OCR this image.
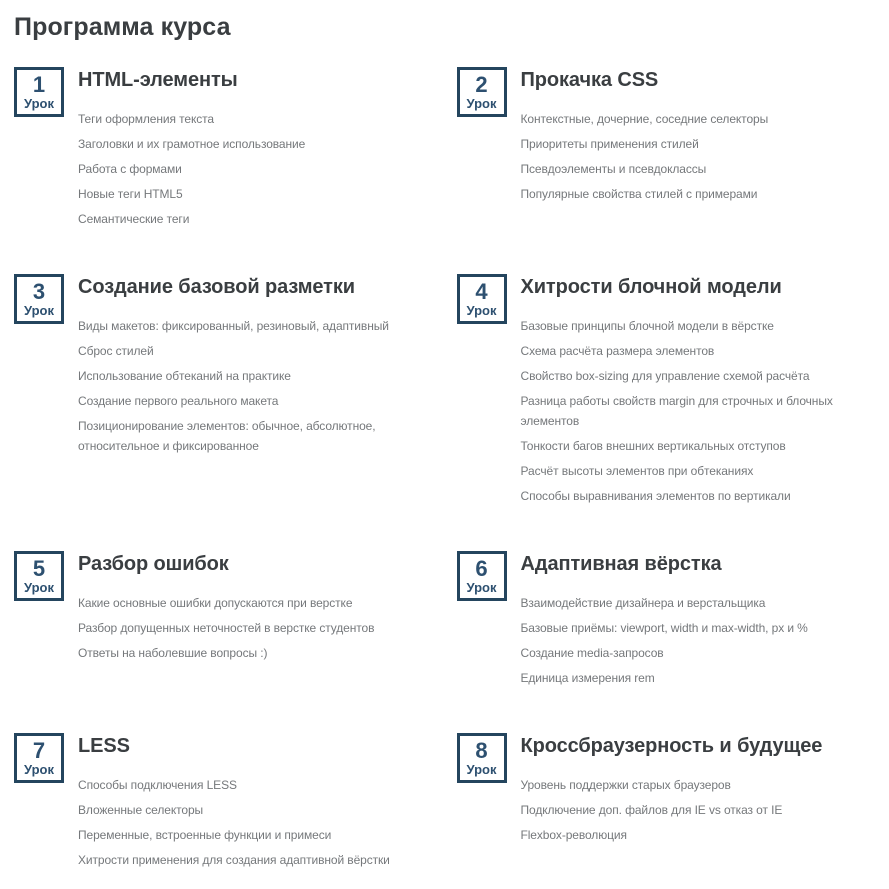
Программа курса
1
Урок
HTML-элементы
Теги оформления текста
Заголовки и их грамотное использование
Работа с формами
Новые теги HTML5
Семантические теги
2
Урок
Прокачка CSS
Контекстные, дочерние, соседние селекторы
Приоритеты применения стилей
Псевдоэлементы и псевдоклассы
Популярные свойства стилей с примерами
3
Урок
Создание базовой разметки
Виды макетов: фиксированный, резиновый, адаптивный
Сброс стилей
Использование обтеканий на практике
Создание первого реального макета
Позиционирование элементов: обычное, абсолютное, относительное и фиксированное
4
Урок
Хитрости блочной модели
Базовые принципы блочной модели в вёрстке
Схема расчёта размера элементов
Свойство box-sizing для управление схемой расчёта
Разница работы свойств margin для строчных и блочных элементов
Тонкости багов внешних вертикальных отступов
Расчёт высоты элементов при обтеканиях
Способы выравнивания элементов по вертикали
5
Урок
Разбор ошибок
Какие основные ошибки допускаются при верстке
Разбор допущенных неточностей в верстке студентов
Ответы на наболевшие вопросы :)
6
Урок
Адаптивная вёрстка
Взаимодействие дизайнера и верстальщика
Базовые приёмы: viewport, width и max-width, px и %
Создание media-запросов
Единица измерения rem
7
Урок
LESS
Способы подключения LESS
Вложенные селекторы
Переменные, встроенные функции и примеси
Хитрости применения для создания адаптивной вёрстки
8
Урок
Кроссбраузерность и будущее
Уровень поддержки старых браузеров
Подключение доп. файлов для IE vs отказ от IE
Flexbox-революция
